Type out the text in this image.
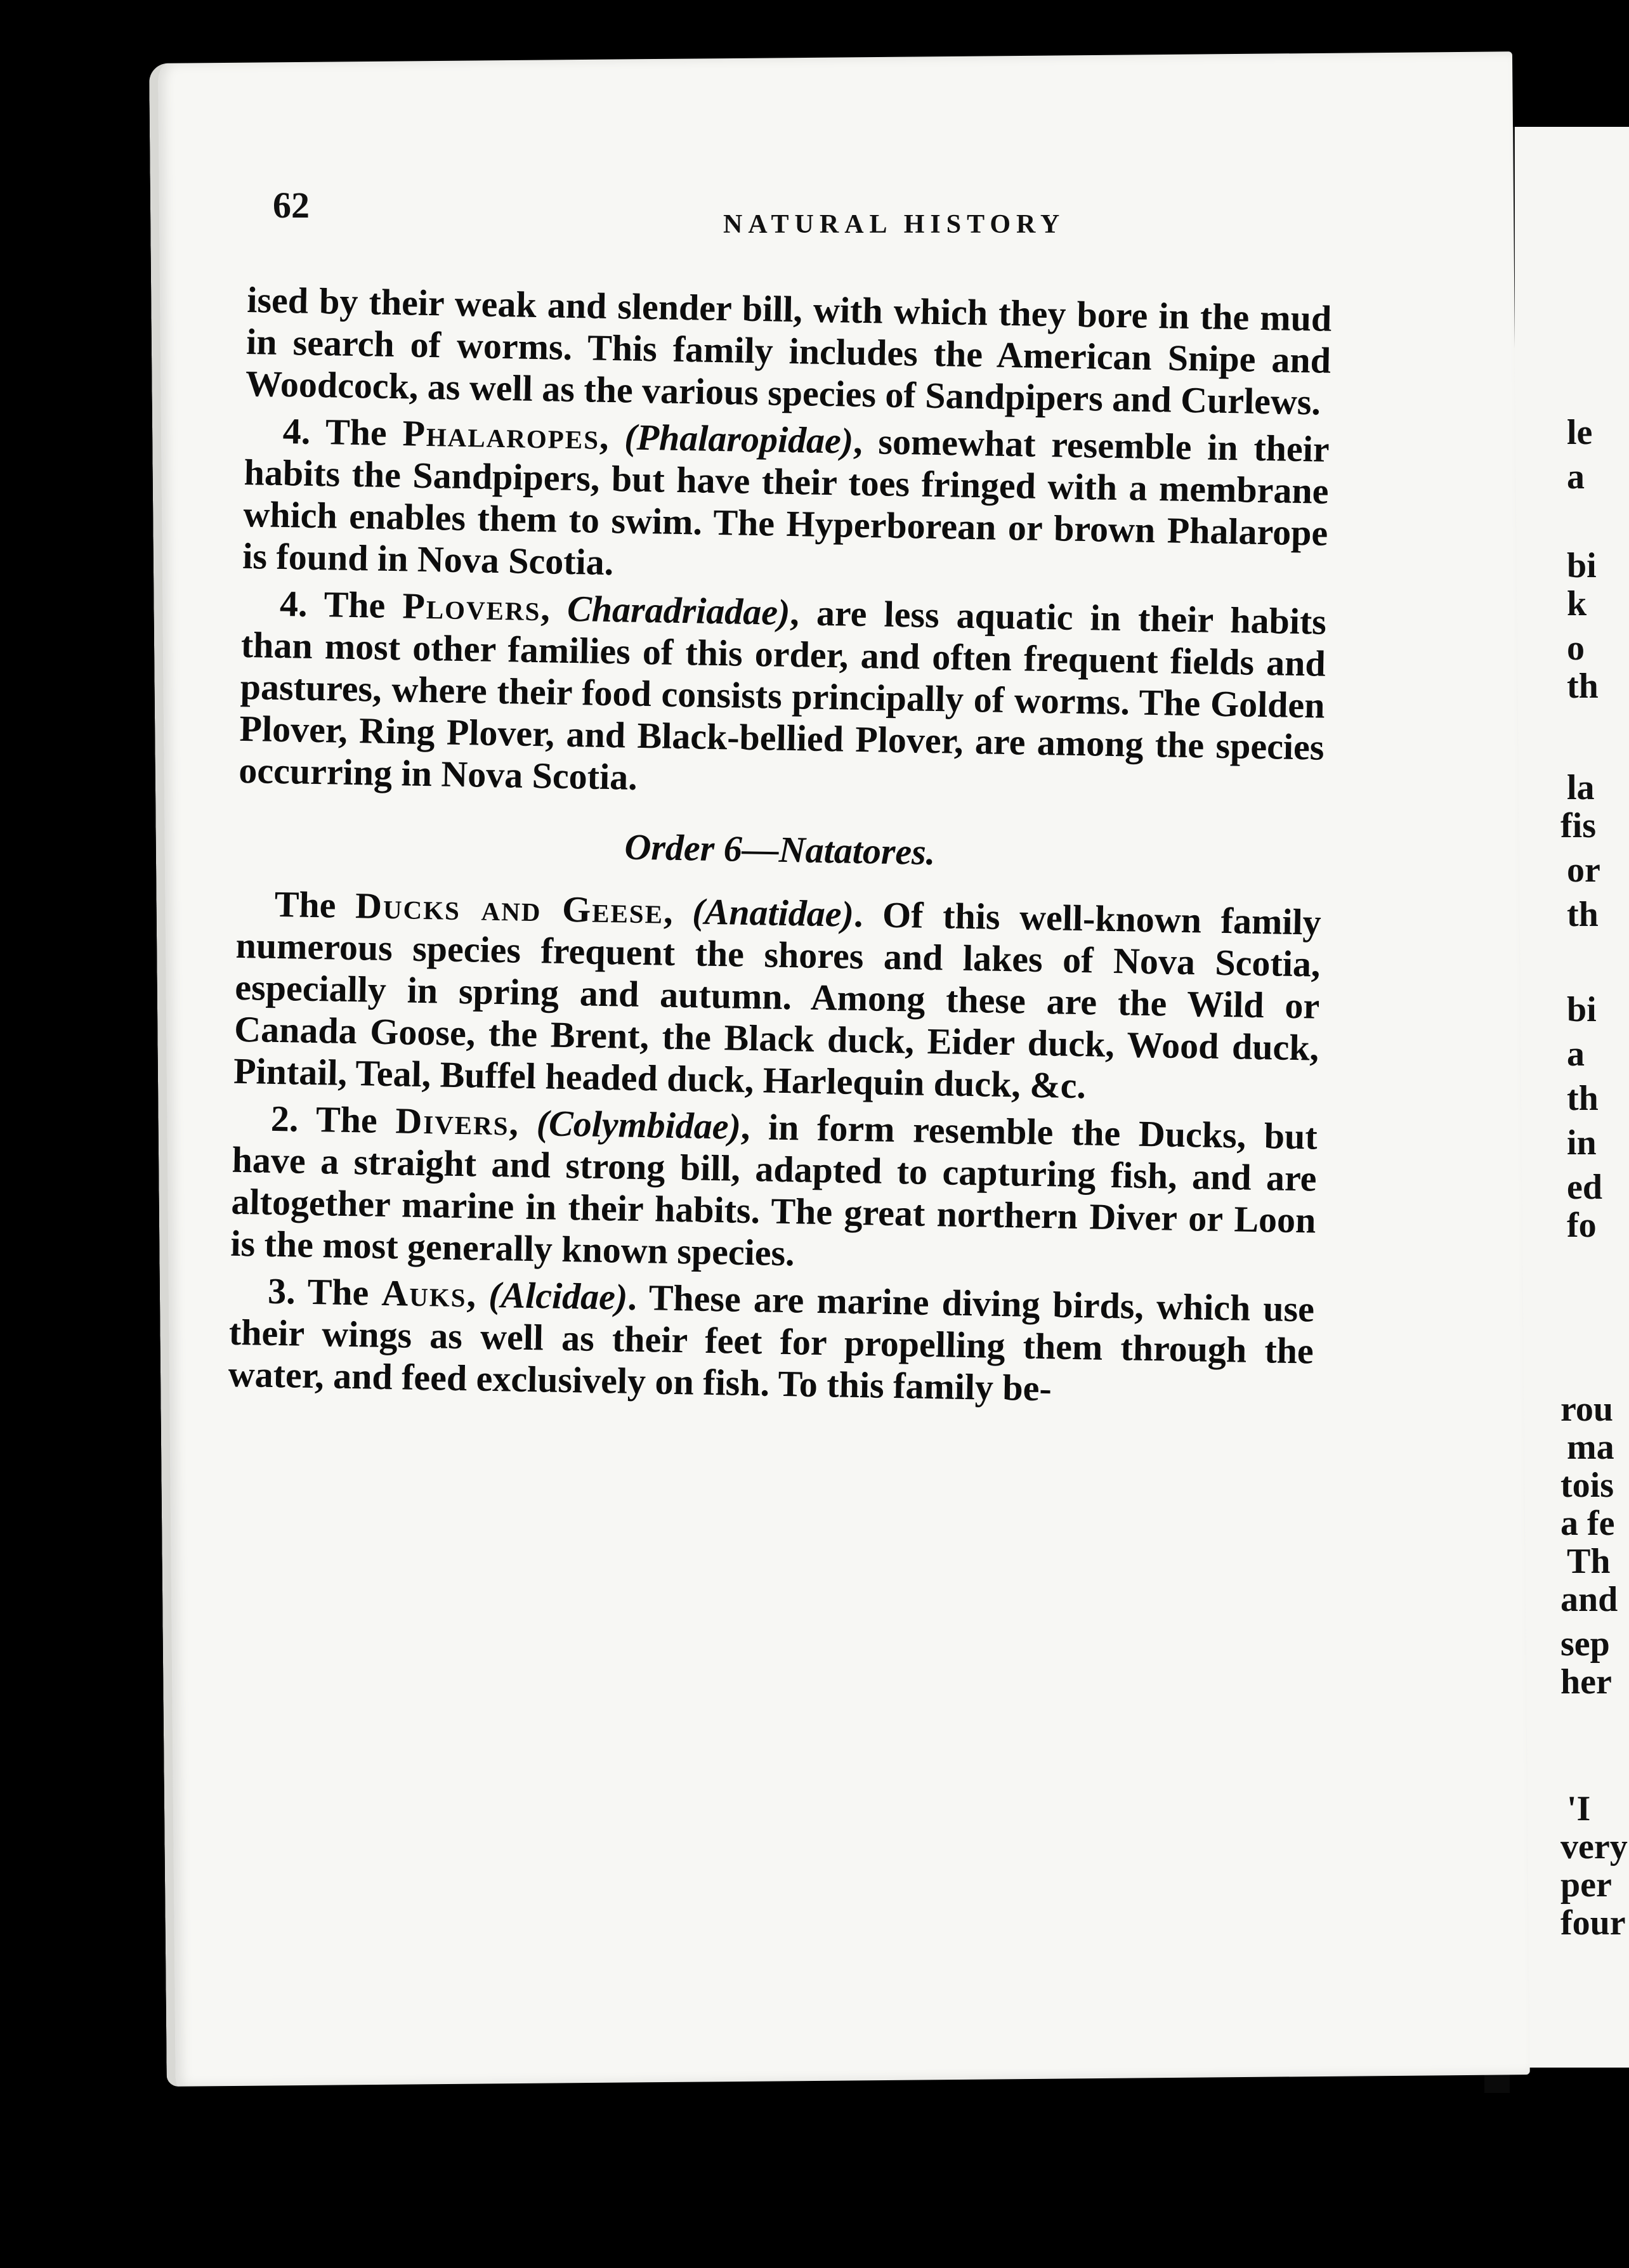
62	NATURAL HISTORY

ised by their weak and slender bill, with which they bore in the mud in search of worms. This family includes the American Snipe and Woodcock, as well as the various species of Sandpipers and Curlews.

4. The Phalaropes, (Phalaropidae), somewhat resemble in their habits the Sandpipers, but have their toes fringed with a membrane which enables them to swim. The Hyperborean or brown Phalarope is found in Nova Scotia.

4. The Plovers, Charadriadae), are less aquatic in their habits than most other families of this order, and often frequent fields and pastures, where their food consists principally of worms. The Golden Plover, Ring Plover, and Black-bellied Plover, are among the species occurring in Nova Scotia.

Order 6—Natatores.

The Ducks and Geese, (Anatidae). Of this well-known family numerous species frequent the shores and lakes of Nova Scotia, especially in spring and autumn. Among these are the Wild or Canada Goose, the Brent, the Black duck, Eider duck, Wood duck, Pintail, Teal, Buffel headed duck, Harlequin duck, &c.

2. The Divers, (Colymbidae), in form resemble the Ducks, but have a straight and strong bill, adapted to capturing fish, and are altogether marine in their habits. The great northern Diver or Loon is the most generally known species.

3. The Auks, (Alcidae). These are marine diving birds, which use their wings as well as their feet for propelling them through the water, and feed exclusively on fish. To this family be-

le
a
bi
k
o
th
la
fis
or
th
bi
a
th
in
ed
fo
rou
ma
tois
a fe
Th
and
sep
her
'I
very
per
four
